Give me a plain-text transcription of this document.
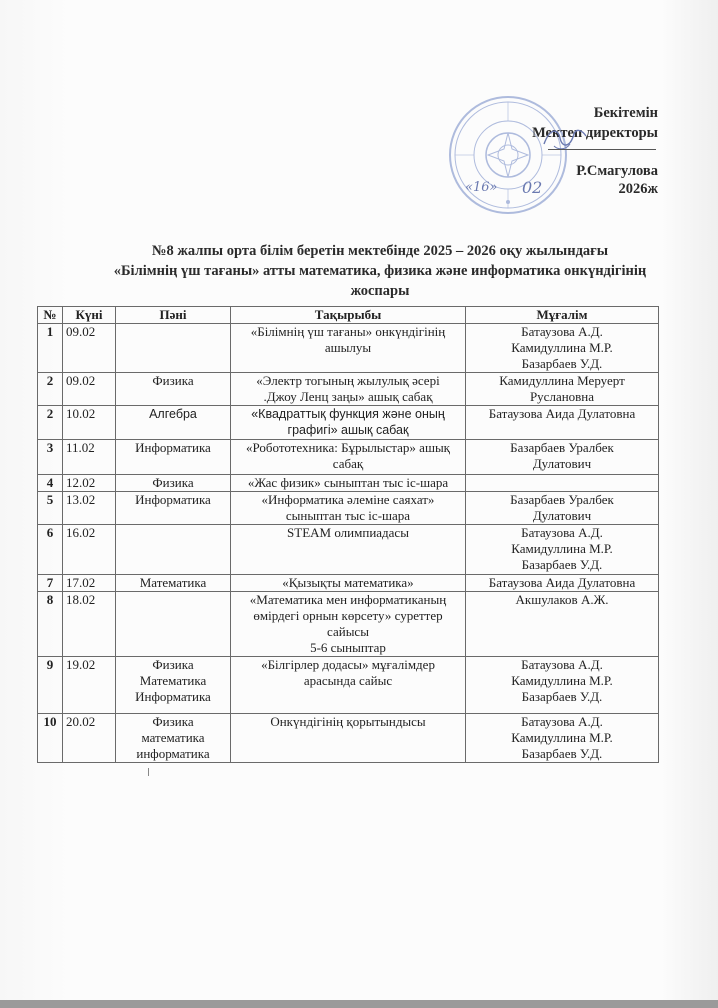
Бекітемін
Мектеп директоры
Р.Смагулова
«16» 02	2026ж
№8 жалпы орта білім беретін мектебінде 2025 – 2026 оқу жылындағы
«Білімнің үш тағаны» атты математика, физика және информатика онкүндігінің
жоспары
№	Күні	Пәні	Тақырыбы	Мұғалім

1	09.02		«Білімнің үш тағаны» онкүндігінің
ашылуы	Батаузова А.Д.
Камидуллина М.Р.
Базарбаев У.Д.

2	09.02	Физика	«Электр тогының жылулық әсері
.Джоу Ленц заңы» ашық сабақ	Камидуллина Меруерт
Руслановна

2	10.02	Алгебра	«Квадраттық функция және оның
графигі» ашық сабақ	Батаузова Аида Дулатовна

3	11.02	Информатика	«Робототехника: Бұрылыстар» ашық
сабақ	Базарбаев Уралбек
Дулатович

4	12.02	Физика	«Жас физик» сыныптан тыс іс-шара	

5	13.02	Информатика	«Информатика әлеміне саяхат»
сыныптан тыс іс-шара	Базарбаев Уралбек
Дулатович

6	16.02		STEAM олимпиадасы	Батаузова А.Д.
Камидуллина М.Р.
Базарбаев У.Д.

7	17.02	Математика	«Қызықты математика»	Батаузова Аида Дулатовна

8	18.02		«Математика мен информатиканың
өмірдегі орнын көрсету» суреттер
сайысы
5-6 сыныптар	Акшулаков А.Ж.

9	19.02	Физика
Математика
Информатика	«Білгірлер додасы» мұғалімдер
арасында сайыс	Батаузова А.Д.
Камидуллина М.Р.
Базарбаев У.Д.

10	20.02	Физика
математика
информатика	Онкүндігінің қорытындысы	Батаузова А.Д.
Камидуллина М.Р.
Базарбаев У.Д.
